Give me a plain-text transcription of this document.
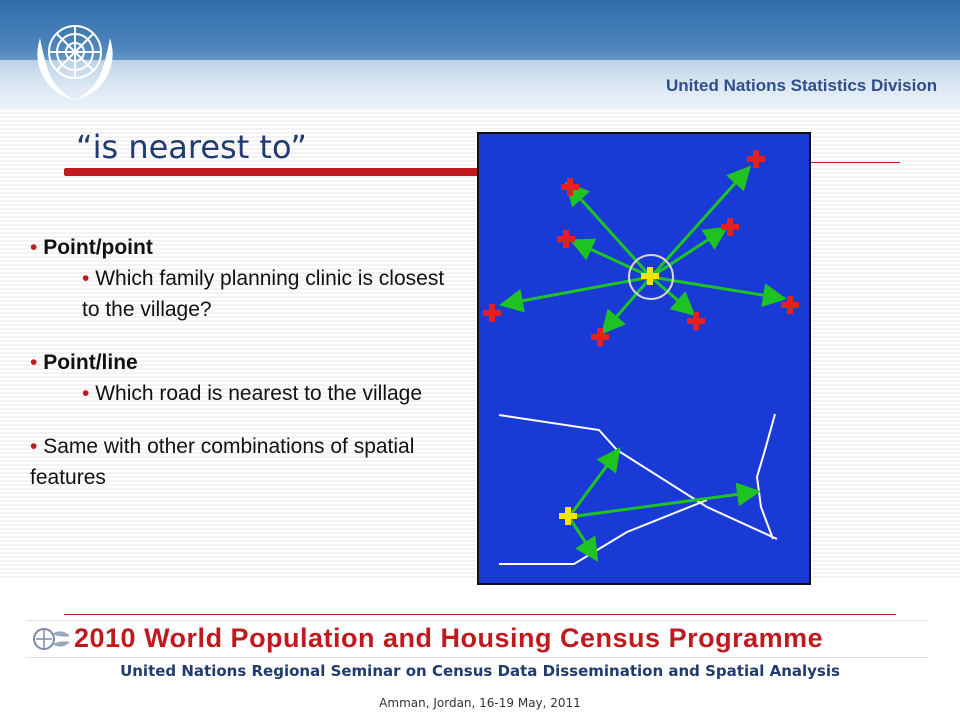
United Nations Statistics Division
“is nearest to”
• Point/point
• Which family planning clinic is closest to the village?
• Point/line
• Which road is nearest to the village
• Same with other combinations of spatial features
2010 World Population and Housing Census Programme
United Nations Regional Seminar on Census Data Dissemination and Spatial Analysis
Amman, Jordan, 16-19 May, 2011
